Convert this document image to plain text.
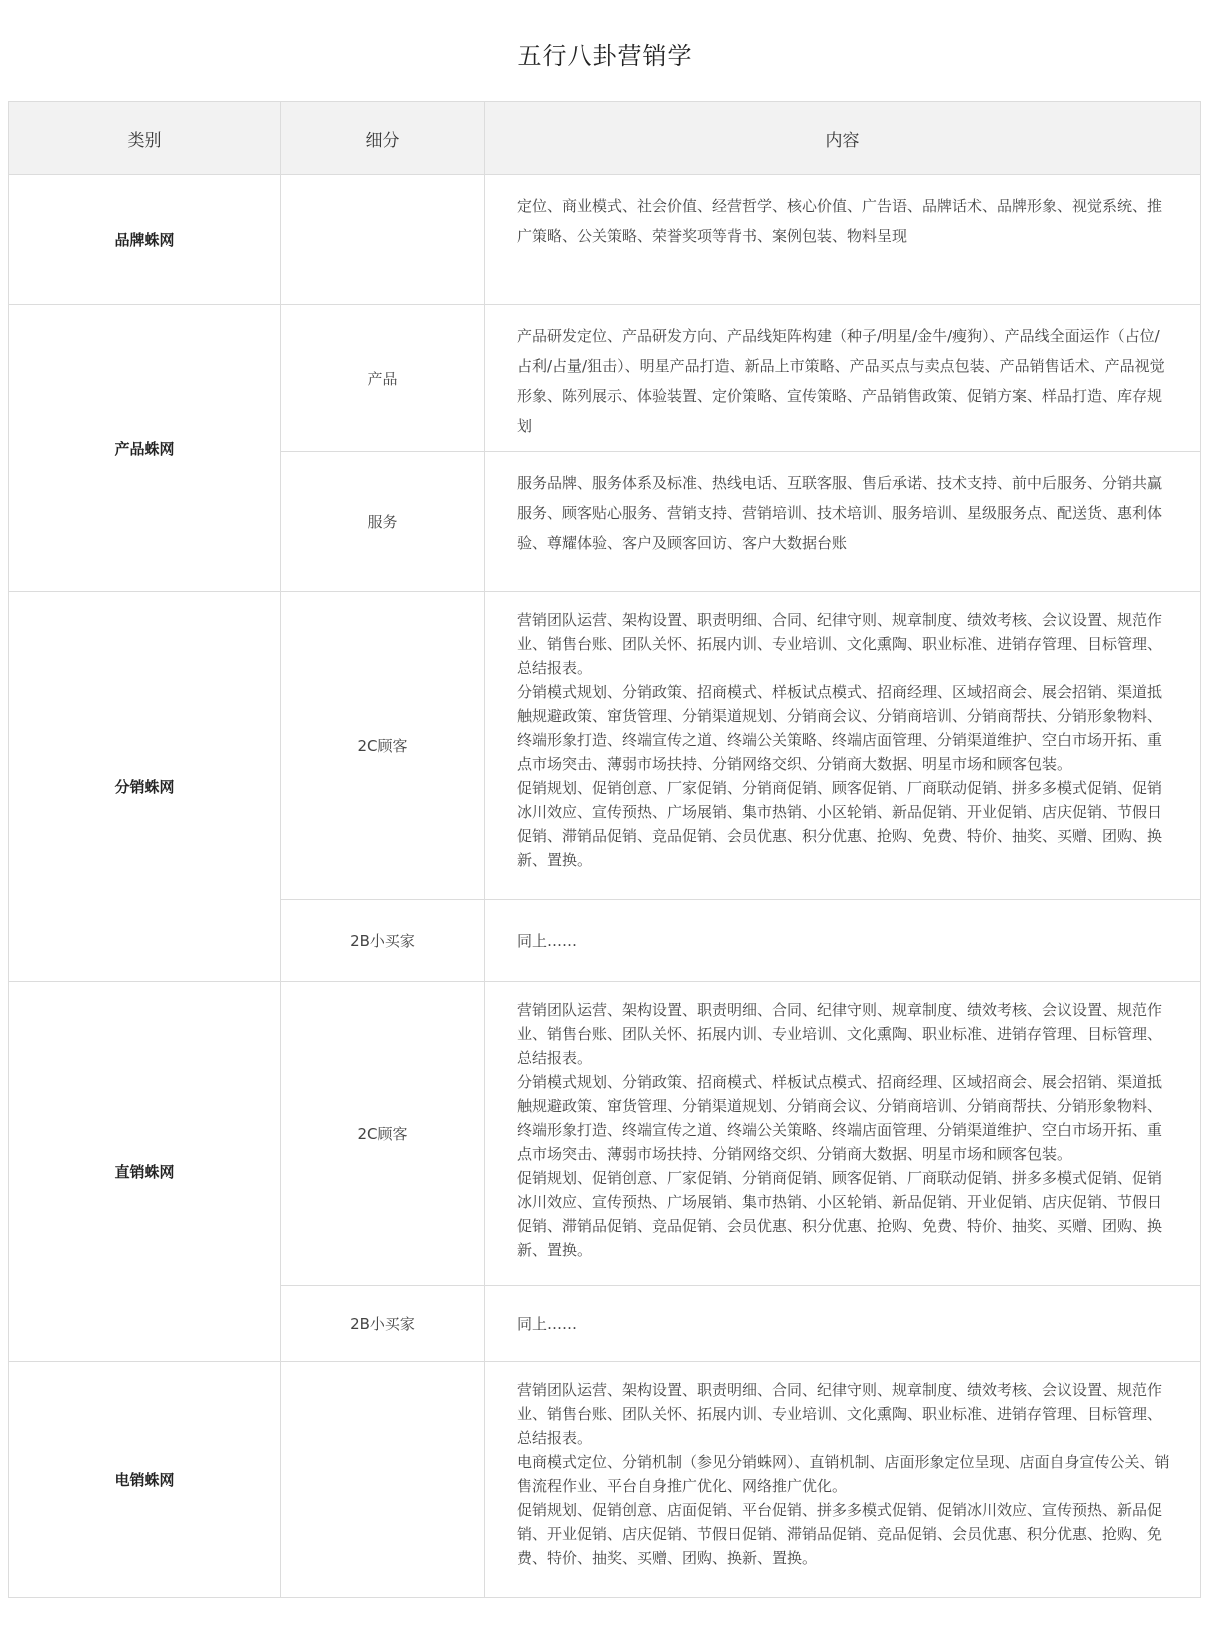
五行八卦营销学
类别	细分	内容
品牌蛛网		定位、商业模式、社会价值、经营哲学、核心价值、广告语、品牌话术、品牌形象、视觉系统、推广策略、公关策略、荣誉奖项等背书、案例包装、物料呈现

产品蛛网	产品	产品研发定位、产品研发方向、产品线矩阵构建（种子/明星/金牛/瘦狗）、产品线全面运作（占位/占利/占量/狙击）、明星产品打造、新品上市策略、产品买点与卖点包装、产品销售话术、产品视觉形象、陈列展示、体验装置、定价策略、宣传策略、产品销售政策、促销方案、样品打造、库存规划

	服务	服务品牌、服务体系及标准、热线电话、互联客服、售后承诺、技术支持、前中后服务、分销共赢服务、顾客贴心服务、营销支持、营销培训、技术培训、服务培训、星级服务点、配送货、惠利体验、尊耀体验、客户及顾客回访、客户大数据台账

分销蛛网	2C顾客	营销团队运营、架构设置、职责明细、合同、纪律守则、规章制度、绩效考核、会议设置、规范作业、销售台账、团队关怀、拓展内训、专业培训、文化熏陶、职业标准、进销存管理、目标管理、总结报表。
分销模式规划、分销政策、招商模式、样板试点模式、招商经理、区域招商会、展会招销、渠道抵触规避政策、窜货管理、分销渠道规划、分销商会议、分销商培训、分销商帮扶、分销形象物料、终端形象打造、终端宣传之道、终端公关策略、终端店面管理、分销渠道维护、空白市场开拓、重点市场突击、薄弱市场扶持、分销网络交织、分销商大数据、明星市场和顾客包装。
促销规划、促销创意、厂家促销、分销商促销、顾客促销、厂商联动促销、拼多多模式促销、促销冰川效应、宣传预热、广场展销、集市热销、小区轮销、新品促销、开业促销、店庆促销、节假日促销、滞销品促销、竞品促销、会员优惠、积分优惠、抢购、免费、特价、抽奖、买赠、团购、换新、置换。

	2B小买家	同上……

直销蛛网	2C顾客	营销团队运营、架构设置、职责明细、合同、纪律守则、规章制度、绩效考核、会议设置、规范作业、销售台账、团队关怀、拓展内训、专业培训、文化熏陶、职业标准、进销存管理、目标管理、总结报表。
分销模式规划、分销政策、招商模式、样板试点模式、招商经理、区域招商会、展会招销、渠道抵触规避政策、窜货管理、分销渠道规划、分销商会议、分销商培训、分销商帮扶、分销形象物料、终端形象打造、终端宣传之道、终端公关策略、终端店面管理、分销渠道维护、空白市场开拓、重点市场突击、薄弱市场扶持、分销网络交织、分销商大数据、明星市场和顾客包装。
促销规划、促销创意、厂家促销、分销商促销、顾客促销、厂商联动促销、拼多多模式促销、促销冰川效应、宣传预热、广场展销、集市热销、小区轮销、新品促销、开业促销、店庆促销、节假日促销、滞销品促销、竞品促销、会员优惠、积分优惠、抢购、免费、特价、抽奖、买赠、团购、换新、置换。

	2B小买家	同上……

电销蛛网		营销团队运营、架构设置、职责明细、合同、纪律守则、规章制度、绩效考核、会议设置、规范作业、销售台账、团队关怀、拓展内训、专业培训、文化熏陶、职业标准、进销存管理、目标管理、总结报表。
电商模式定位、分销机制（参见分销蛛网）、直销机制、店面形象定位呈现、店面自身宣传公关、销售流程作业、平台自身推广优化、网络推广优化。
促销规划、促销创意、店面促销、平台促销、拼多多模式促销、促销冰川效应、宣传预热、新品促销、开业促销、店庆促销、节假日促销、滞销品促销、竞品促销、会员优惠、积分优惠、抢购、免费、特价、抽奖、买赠、团购、换新、置换。
